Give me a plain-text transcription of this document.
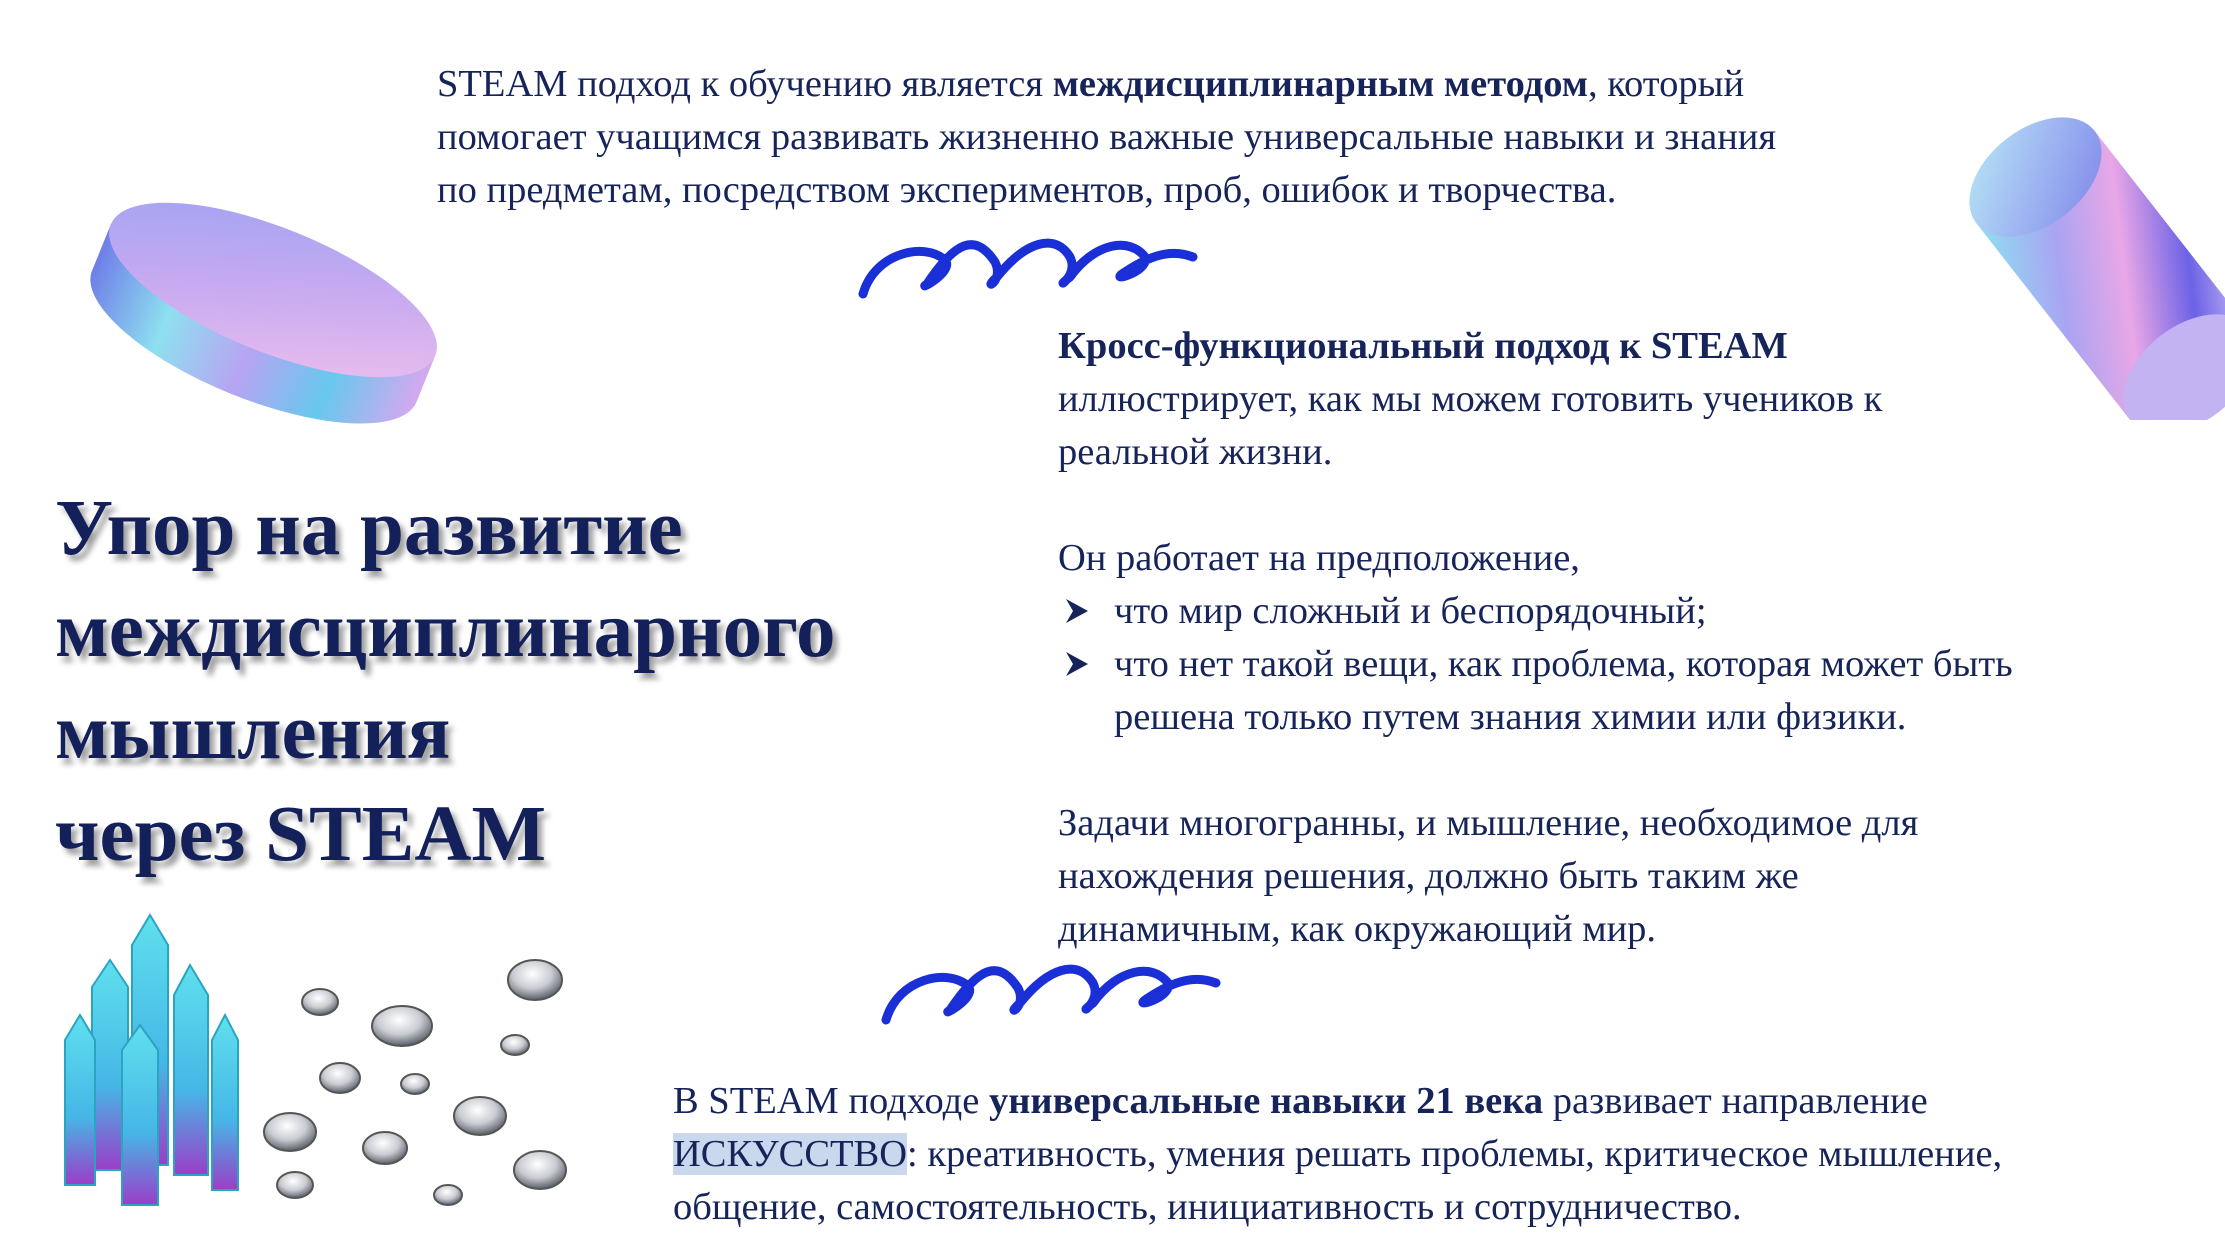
Упор на развитие
междисциплинарного
мышления
через STEAM
STEAM подход к обучению является междисциплинарным методом, который
помогает учащимся развивать жизненно важные универсальные навыки и знания
по предметам, посредством экспериментов, проб, ошибок и творчества.
Кросс-функциональный подход к STEAM
иллюстрирует, как мы можем готовить учеников к
реальной жизни.
Он работает на предположение,
что мир сложный и беспорядочный;
что нет такой вещи, как проблема, которая может быть
решена только путем знания химии или физики.
Задачи многогранны, и мышление, необходимое для
нахождения решения, должно быть таким же
динамичным, как окружающий мир.
В STEAM подходе универсальные навыки 21 века развивает направление
ИСКУССТВО: креативность, умения решать проблемы, критическое мышление,
общение, самостоятельность, инициативность и сотрудничество.
